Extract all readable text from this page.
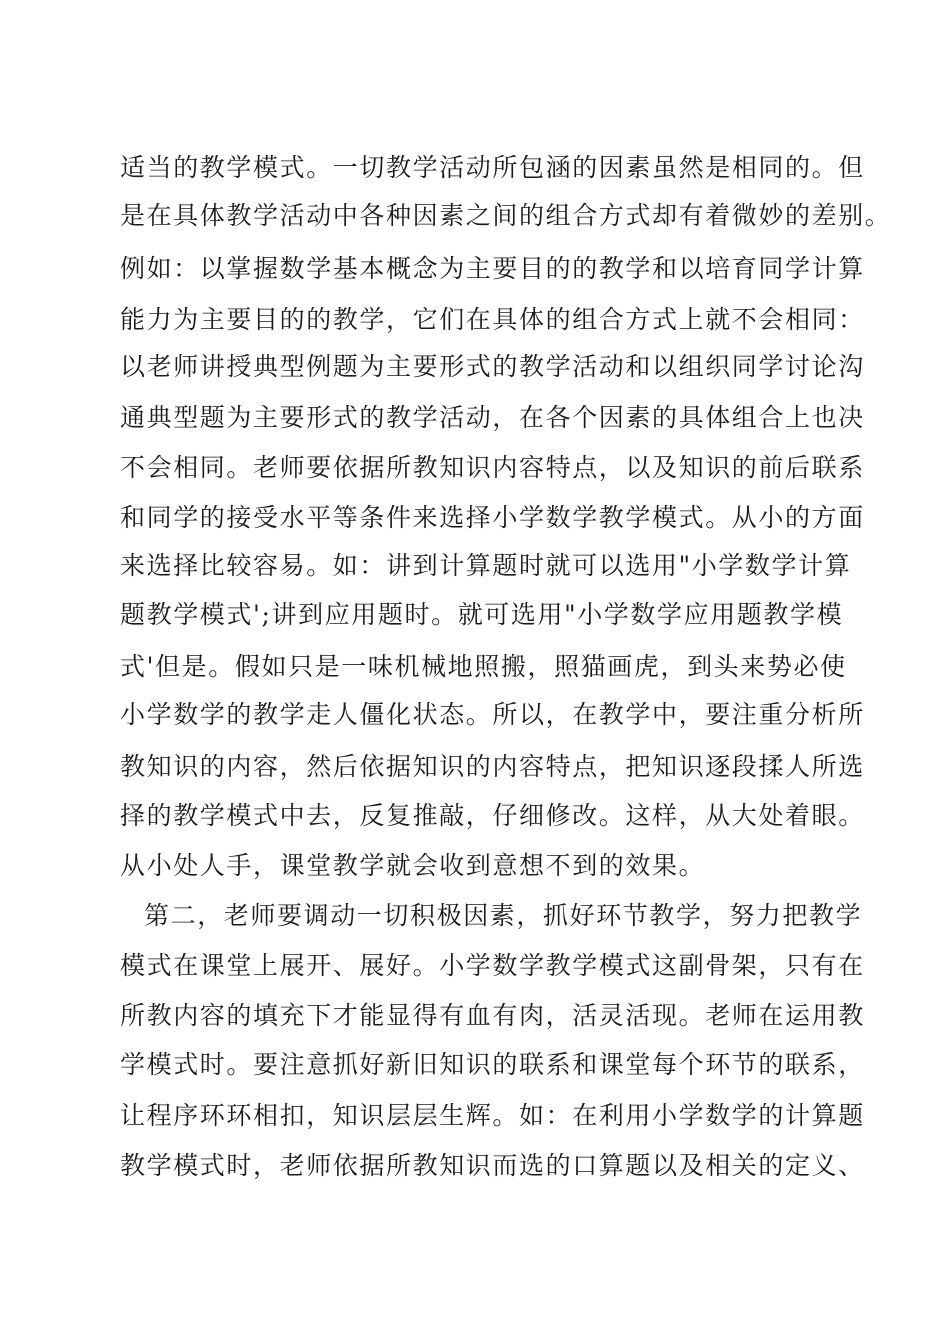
适当的教学模式。一切教学活动所包涵的因素虽然是相同的。但
是在具体教学活动中各种因素之间的组合方式却有着微妙的差别。
例如：以掌握数学基本概念为主要目的的教学和以培育同学计算
能力为主要目的的教学，它们在具体的组合方式上就不会相同：
以老师讲授典型例题为主要形式的教学活动和以组织同学讨论沟
通典型题为主要形式的教学活动，在各个因素的具体组合上也决
不会相同。老师要依据所教知识内容特点，以及知识的前后联系
和同学的接受水平等条件来选择小学数学教学模式。从小的方面
来选择比较容易。如：讲到计算题时就可以选用"小学数学计算
题教学模式';讲到应用题时。就可选用"小学数学应用题教学模
式'但是。假如只是一味机械地照搬，照猫画虎，到头来势必使
小学数学的教学走人僵化状态。所以，在教学中，要注重分析所
教知识的内容，然后依据知识的内容特点，把知识逐段揉人所选
择的教学模式中去，反复推敲，仔细修改。这样，从大处着眼。
从小处人手，课堂教学就会收到意想不到的效果。
第二，老师要调动一切积极因素，抓好环节教学，努力把教学
模式在课堂上展开、展好。小学数学教学模式这副骨架，只有在
所教内容的填充下才能显得有血有肉，活灵活现。老师在运用教
学模式时。要注意抓好新旧知识的联系和课堂每个环节的联系，
让程序环环相扣，知识层层生辉。如：在利用小学数学的计算题
教学模式时，老师依据所教知识而选的口算题以及相关的定义、
